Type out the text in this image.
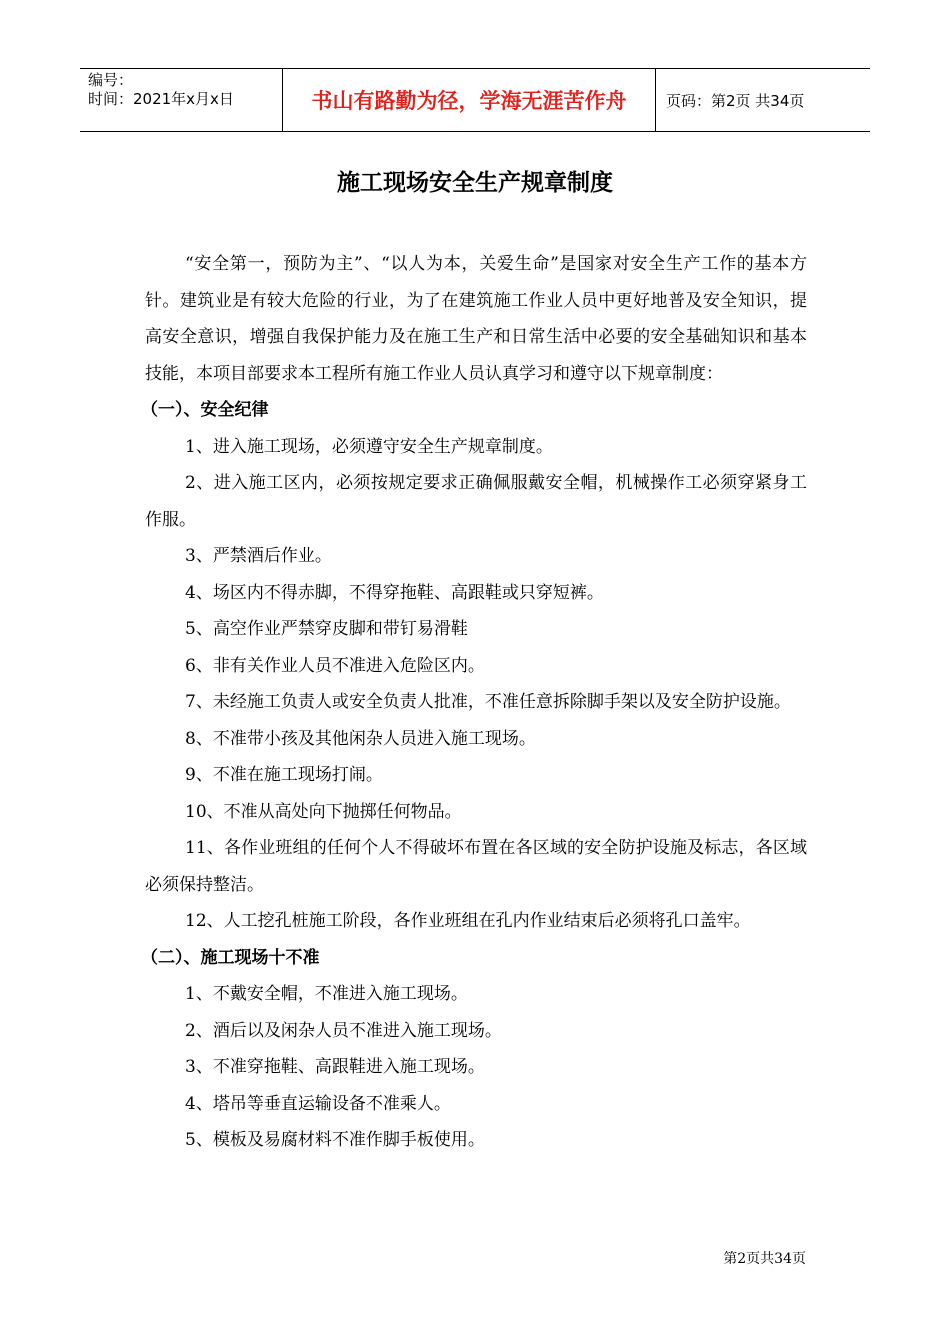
编号：
时间：2021年x月x日	书山有路勤为径，学海无涯苦作舟	页码：第2页 共34页
施工现场安全生产规章制度
“安全第一，预防为主”、“以人为本，关爱生命”是国家对安全生产工作的基本方针。建筑业是有较大危险的行业，为了在建筑施工作业人员中更好地普及安全知识，提高安全意识，增强自我保护能力及在施工生产和日常生活中必要的安全基础知识和基本技能，本项目部要求本工程所有施工作业人员认真学习和遵守以下规章制度：
（一）、安全纪律
1、进入施工现场，必须遵守安全生产规章制度。
2、进入施工区内，必须按规定要求正确佩服戴安全帽，机械操作工必须穿紧身工作服。
3、严禁酒后作业。
4、场区内不得赤脚，不得穿拖鞋、高跟鞋或只穿短裤。
5、高空作业严禁穿皮脚和带钉易滑鞋
6、非有关作业人员不准进入危险区内。
7、未经施工负责人或安全负责人批准，不准任意拆除脚手架以及安全防护设施。
8、不准带小孩及其他闲杂人员进入施工现场。
9、不准在施工现场打闹。
10、不准从高处向下抛掷任何物品。
11、各作业班组的任何个人不得破坏布置在各区域的安全防护设施及标志，各区域必须保持整洁。
12、人工挖孔桩施工阶段，各作业班组在孔内作业结束后必须将孔口盖牢。
（二）、施工现场十不准
1、不戴安全帽，不准进入施工现场。
2、酒后以及闲杂人员不准进入施工现场。
3、不准穿拖鞋、高跟鞋进入施工现场。
4、塔吊等垂直运输设备不准乘人。
5、模板及易腐材料不准作脚手板使用。
第2页共34页
